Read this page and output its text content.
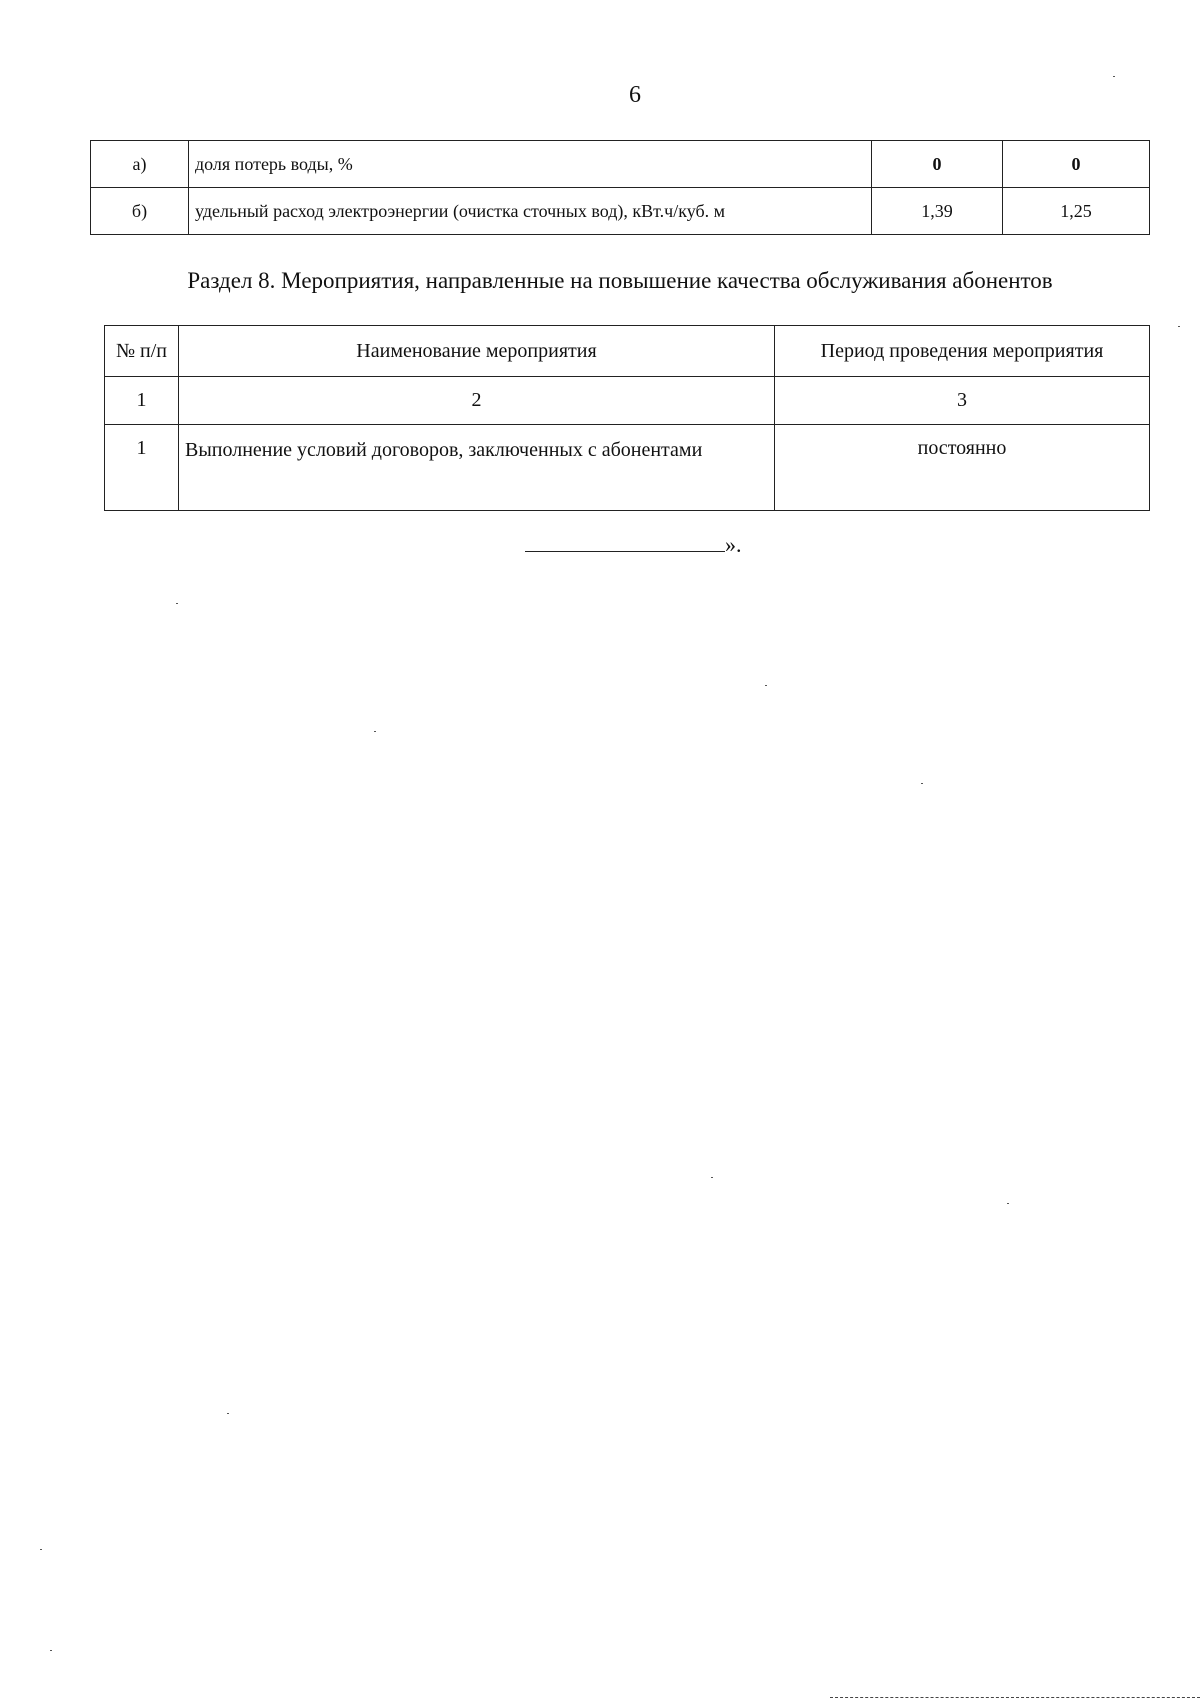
6
а)	доля потерь воды, %	0	0
б)	удельный расход электроэнергии (очистка сточных вод), кВт.ч/куб. м	1,39	1,25
Раздел 8. Мероприятия, направленные на повышение качества обслуживания абонентов
№ п/п	Наименование мероприятия	Период проведения мероприятия
1	2	3
1	Выполнение условий договоров, заключенных с абонентами	постоянно
».
